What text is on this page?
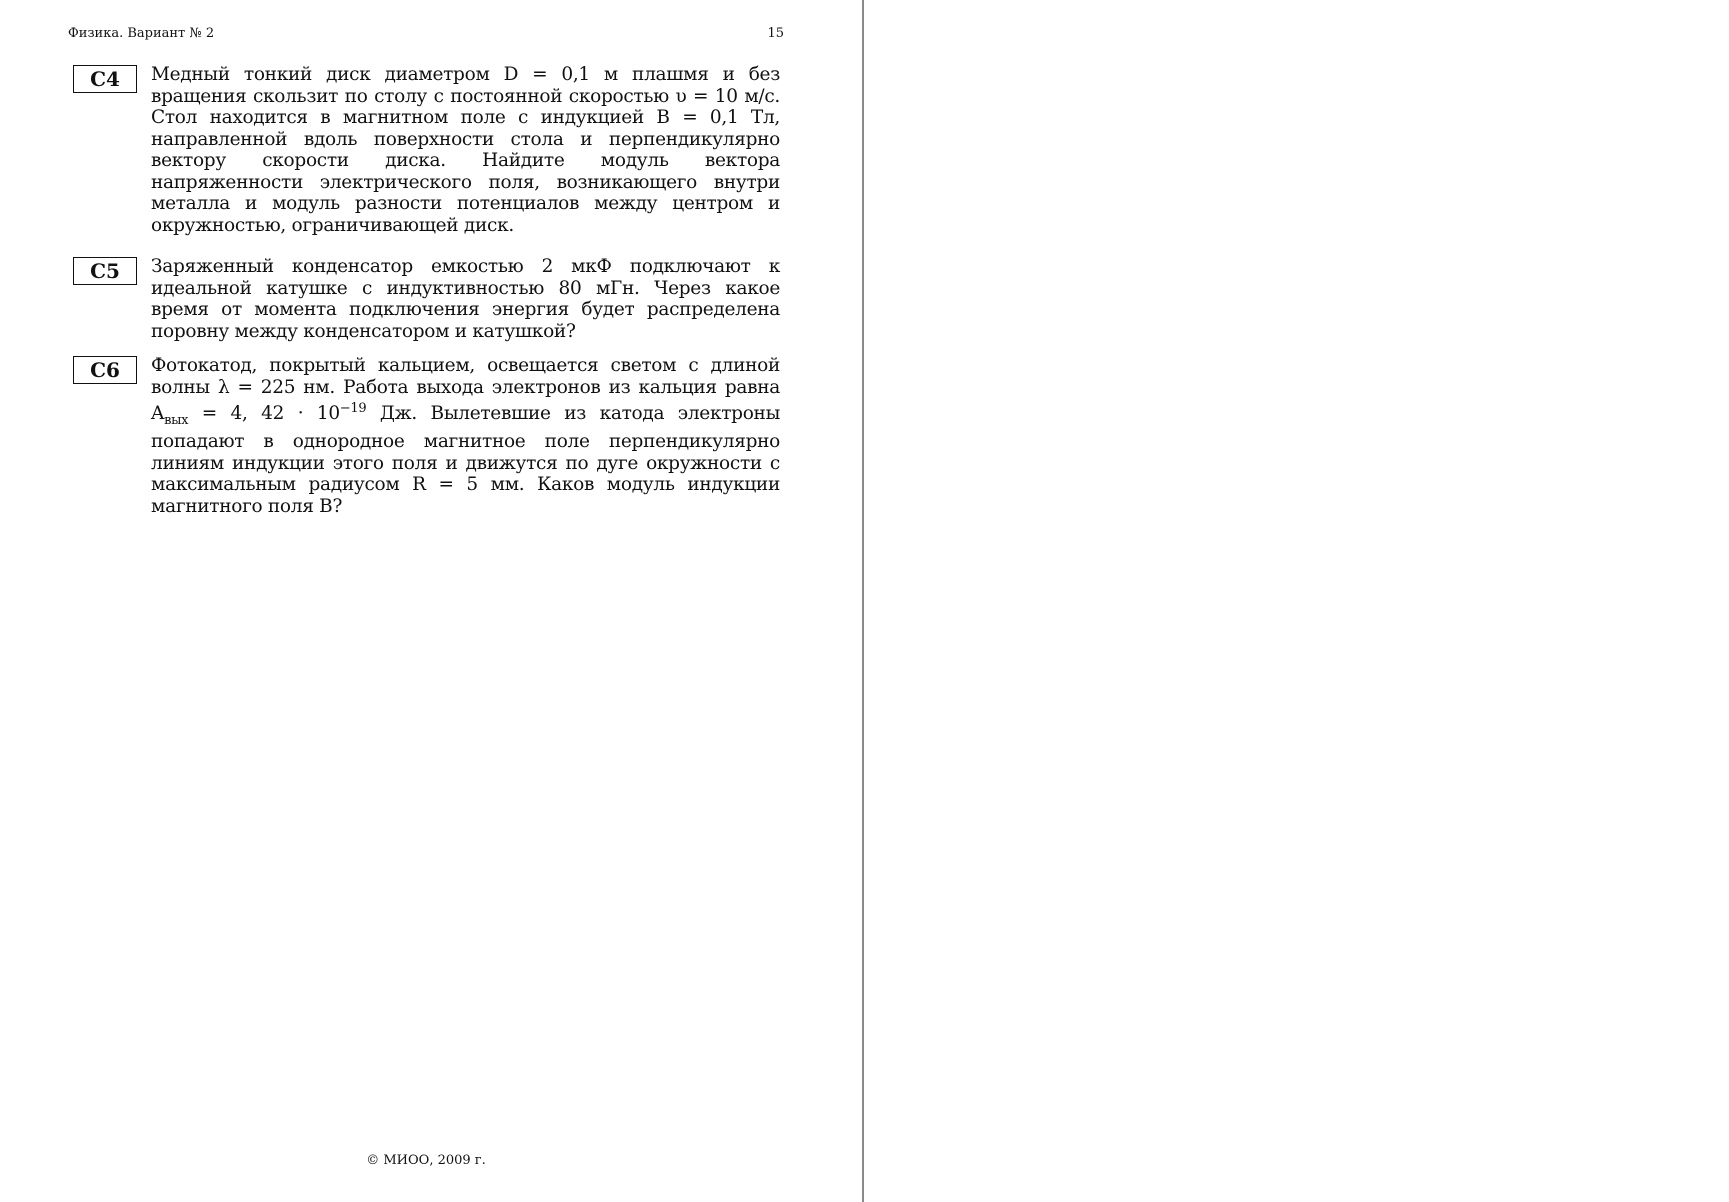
Физика. Вариант № 2	15
С4	Медный тонкий диск диаметром D = 0,1 м плашмя и без вращения скользит по столу с постоянной скоростью υ = 10 м/с. Стол находится в магнитном поле с индукцией B = 0,1 Тл, направленной вдоль поверхности стола и перпендикулярно вектору скорости диска. Найдите модуль вектора напряженности электрического поля, возникающего внутри металла и модуль разности потенциалов между центром и окружностью, ограничивающей диск.
С5	Заряженный конденсатор емкостью 2 мкФ подключают к идеальной катушке с индуктивностью 80 мГн. Через какое время от момента подключения энергия будет распределена поровну между конденсатором и катушкой?
С6	Фотокатод, покрытый кальцием, освещается светом с длиной волны λ = 225 нм. Работа выхода электронов из кальция равна $A_{вых} = 4$, $42 \cdot 10^{-19}$ Дж. Вылетевшие из катода электроны попадают в однородное магнитное поле перпендикулярно линиям индукции этого поля и движутся по дуге окружности с максимальным радиусом R = 5 мм. Каков модуль индукции магнитного поля B?
© МИОО, 2009 г.
